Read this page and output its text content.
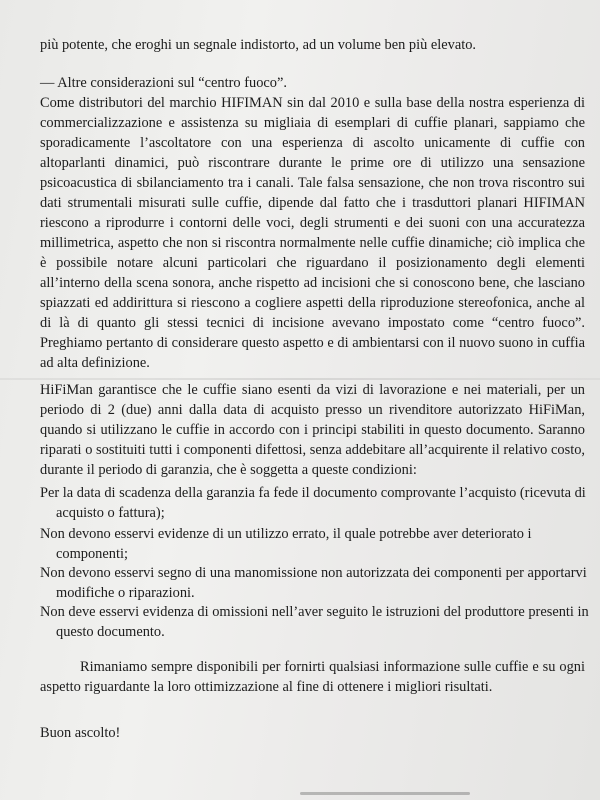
più potente, che eroghi un segnale indistorto, ad un volume ben più elevato.
— Altre considerazioni sul “centro fuoco”.
Come distributori del marchio HIFIMAN sin dal 2010 e sulla base della nostra esperienza di commercializzazione e assistenza su migliaia di esemplari di cuffie planari, sappiamo che sporadicamente l’ascoltatore con una esperienza di ascolto unicamente di cuffie con altoparlanti dinamici, può riscontrare durante le prime ore di utilizzo una sensazione psicoacustica di sbilanciamento tra i canali. Tale falsa sensazione, che non trova riscontro sui dati strumentali misurati sulle cuffie, dipende dal fatto che i trasduttori planari HIFIMAN riescono a riprodurre i contorni delle voci, degli strumenti e dei suoni con una accuratezza millimetrica, aspetto che non si riscontra normalmente nelle cuffie dinamiche; ciò implica che è possibile notare alcuni particolari che riguardano il posizionamento degli elementi all’interno della scena sonora, anche rispetto ad incisioni che si conoscono bene, che lasciano spiazzati ed addirittura si riescono a cogliere aspetti della riproduzione stereofonica, anche al di là di quanto gli stessi tecnici di incisione avevano impostato come “centro fuoco”. Preghiamo pertanto di considerare questo aspetto e di ambientarsi con il nuovo suono in cuffia ad alta definizione.
HiFiMan garantisce che le cuffie siano esenti da vizi di lavorazione e nei materiali, per un periodo di 2 (due) anni dalla data di acquisto presso un rivenditore autorizzato HiFiMan, quando si utilizzano le cuffie in accordo con i principi stabiliti in questo documento. Saranno riparati o sostituiti tutti i componenti difettosi, senza addebitare all’acquirente il relativo costo, durante il periodo di garanzia, che è soggetta a queste condizioni:
Per la data di scadenza della garanzia fa fede il documento comprovante l’acquisto (ricevuta di acquisto o fattura);
Non devono esservi evidenze di un utilizzo errato, il quale potrebbe aver deteriorato i componenti;
Non devono esservi segno di una manomissione non autorizzata dei componenti per apportarvi modifiche o riparazioni.
Non deve esservi evidenza di omissioni nell’aver seguito le istruzioni del produttore presenti in questo documento.
Rimaniamo sempre disponibili per fornirti qualsiasi informazione sulle cuffie e su ogni aspetto riguardante la loro ottimizzazione al fine di ottenere i migliori risultati.
Buon ascolto!
